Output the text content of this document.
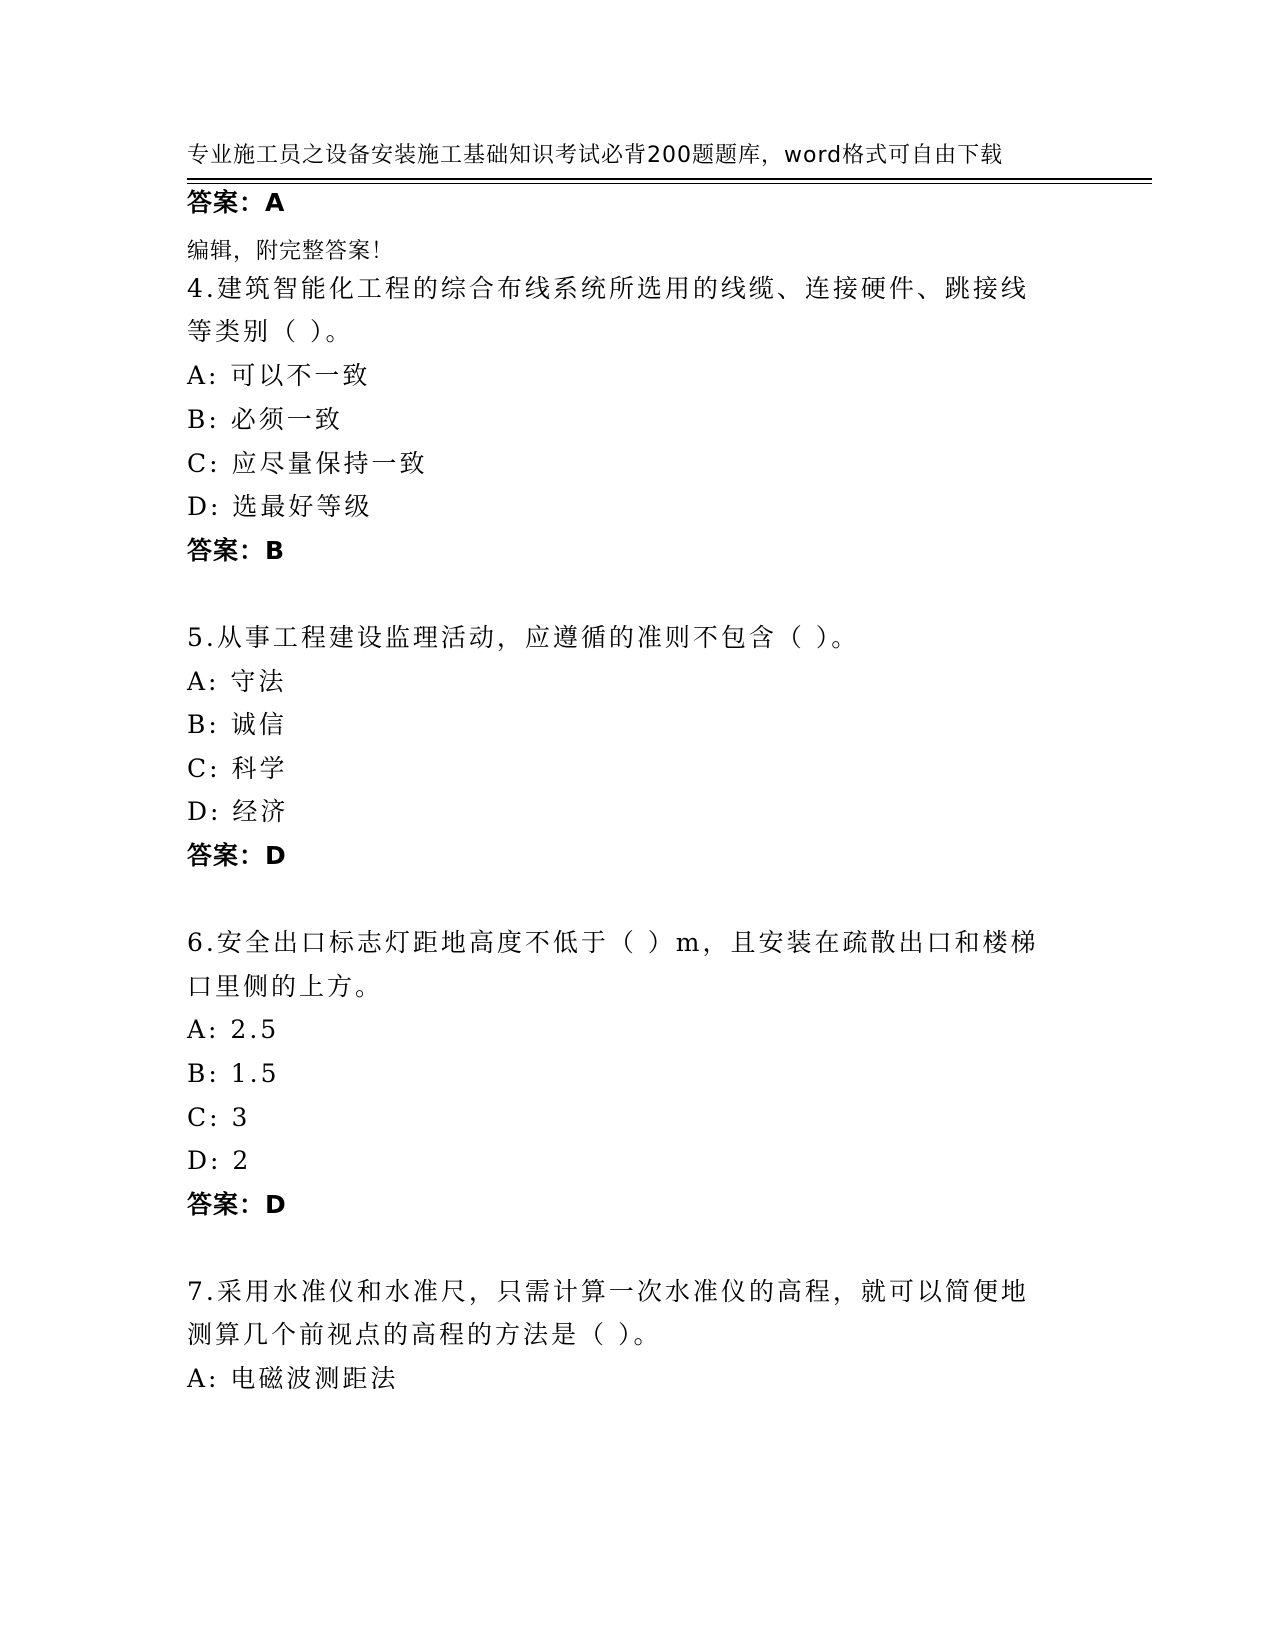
专业施工员之设备安装施工基础知识考试必背200题题库，word格式可自由下载

编辑，附完整答案！

答案：A
4.建筑智能化工程的综合布线系统所选用的线缆、连接硬件、跳接线
等类别（ ）。
A: 可以不一致
B: 必须一致
C: 应尽量保持一致
D: 选最好等级
答案：B
5.从事工程建设监理活动，应遵循的准则不包含（ ）。
A: 守法
B: 诚信
C: 科学
D: 经济
答案：D
6.安全出口标志灯距地高度不低于（ ）m，且安装在疏散出口和楼梯
口里侧的上方。
A: 2.5
B: 1.5
C: 3
D: 2
答案：D
7.采用水准仪和水准尺，只需计算一次水准仪的高程，就可以简便地
测算几个前视点的高程的方法是（ ）。
A: 电磁波测距法
